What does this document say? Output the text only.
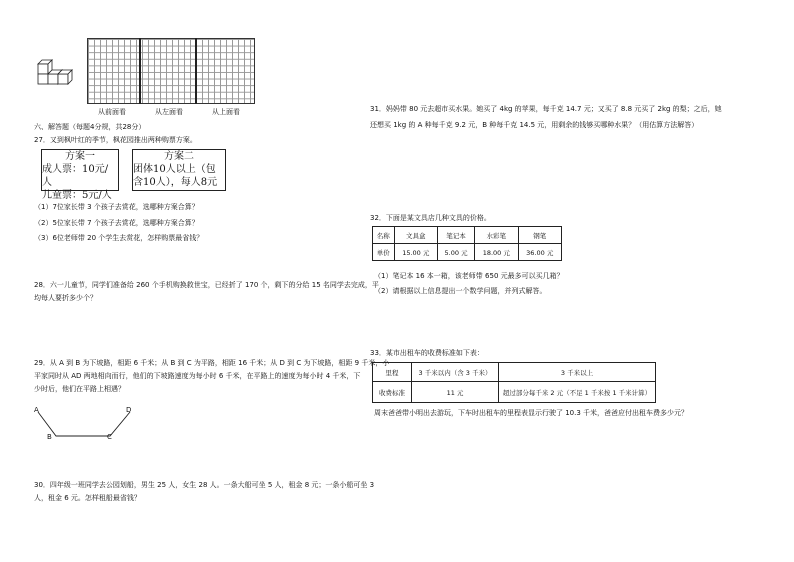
从前面看	从左面看	从上面看
六、解答题（每题4分规，共28分）
27．又到枫叶红的季节，枫花园推出两种购票方案。
方案一
成人票：10元/人
儿童票：5元/人
方案二
团体10人以上（包
含10人），每人8元
（1）7位家长带 3 个孩子去赏花，选哪种方案合算？
（2）5位家长带 7 个孩子去赏花，选哪种方案合算？
（3）6位老师带 20 个学生去赏花，怎样购票最省钱？
28．六一儿童节，同学们准备给 260 个手机购换救世宝，已经折了 170 个，剩下的分给 15 名同学去完成，平
均每人要折多少个？
29．从 A 到 B 为下坡路，相距 6 千米；从 B 到 C 为平路，相距 16 千米；从 D 到 C 为下坡路，相距 9 千米，小
平家同时从 AD 两地相向而行，他们的下坡路速度为每小时 6 千米，在平路上的速度为每小时 4 千米，下
少时后，他们在平路上相遇？
A
B	C
D
30．四年级一班同学去公园划船，男生 25 人，女生 28 人。一条大船可坐 5 人，租金 8 元；一条小船可坐 3
人，租金 6 元。怎样租船最省钱？
31．妈妈带 80 元去超市买水果。她买了 4kg 的苹果，每千克 14.7 元；又买了 8.8 元买了 2kg 的梨；之后，她
还想买 1kg 的 A 种每千克 9.2 元，B 种每千克 14.5 元，用剩余的钱够买哪种水果？（用估算方法解答）
32．下面是某文具店几种文具的价格。
名称	文具盒	笔记本	水彩笔	钢笔
单价	15.00 元	5.00 元	18.00 元	36.00 元
（1）笔记本 16 本一箱，该老师带 650 元最多可以买几箱？
（2）请根据以上信息提出一个数学问题，并列式解答。
33．某市出租车的收费标准如下表：
里程	3 千米以内（含 3 千米）	3 千米以上
收费标准	11 元	超过部分每千米 2 元（不足 1 千米按 1 千米计算）
周末爸爸带小明出去游玩，下车时出租车的里程表显示行驶了 10.3 千米，爸爸应付出租车费多少元？
